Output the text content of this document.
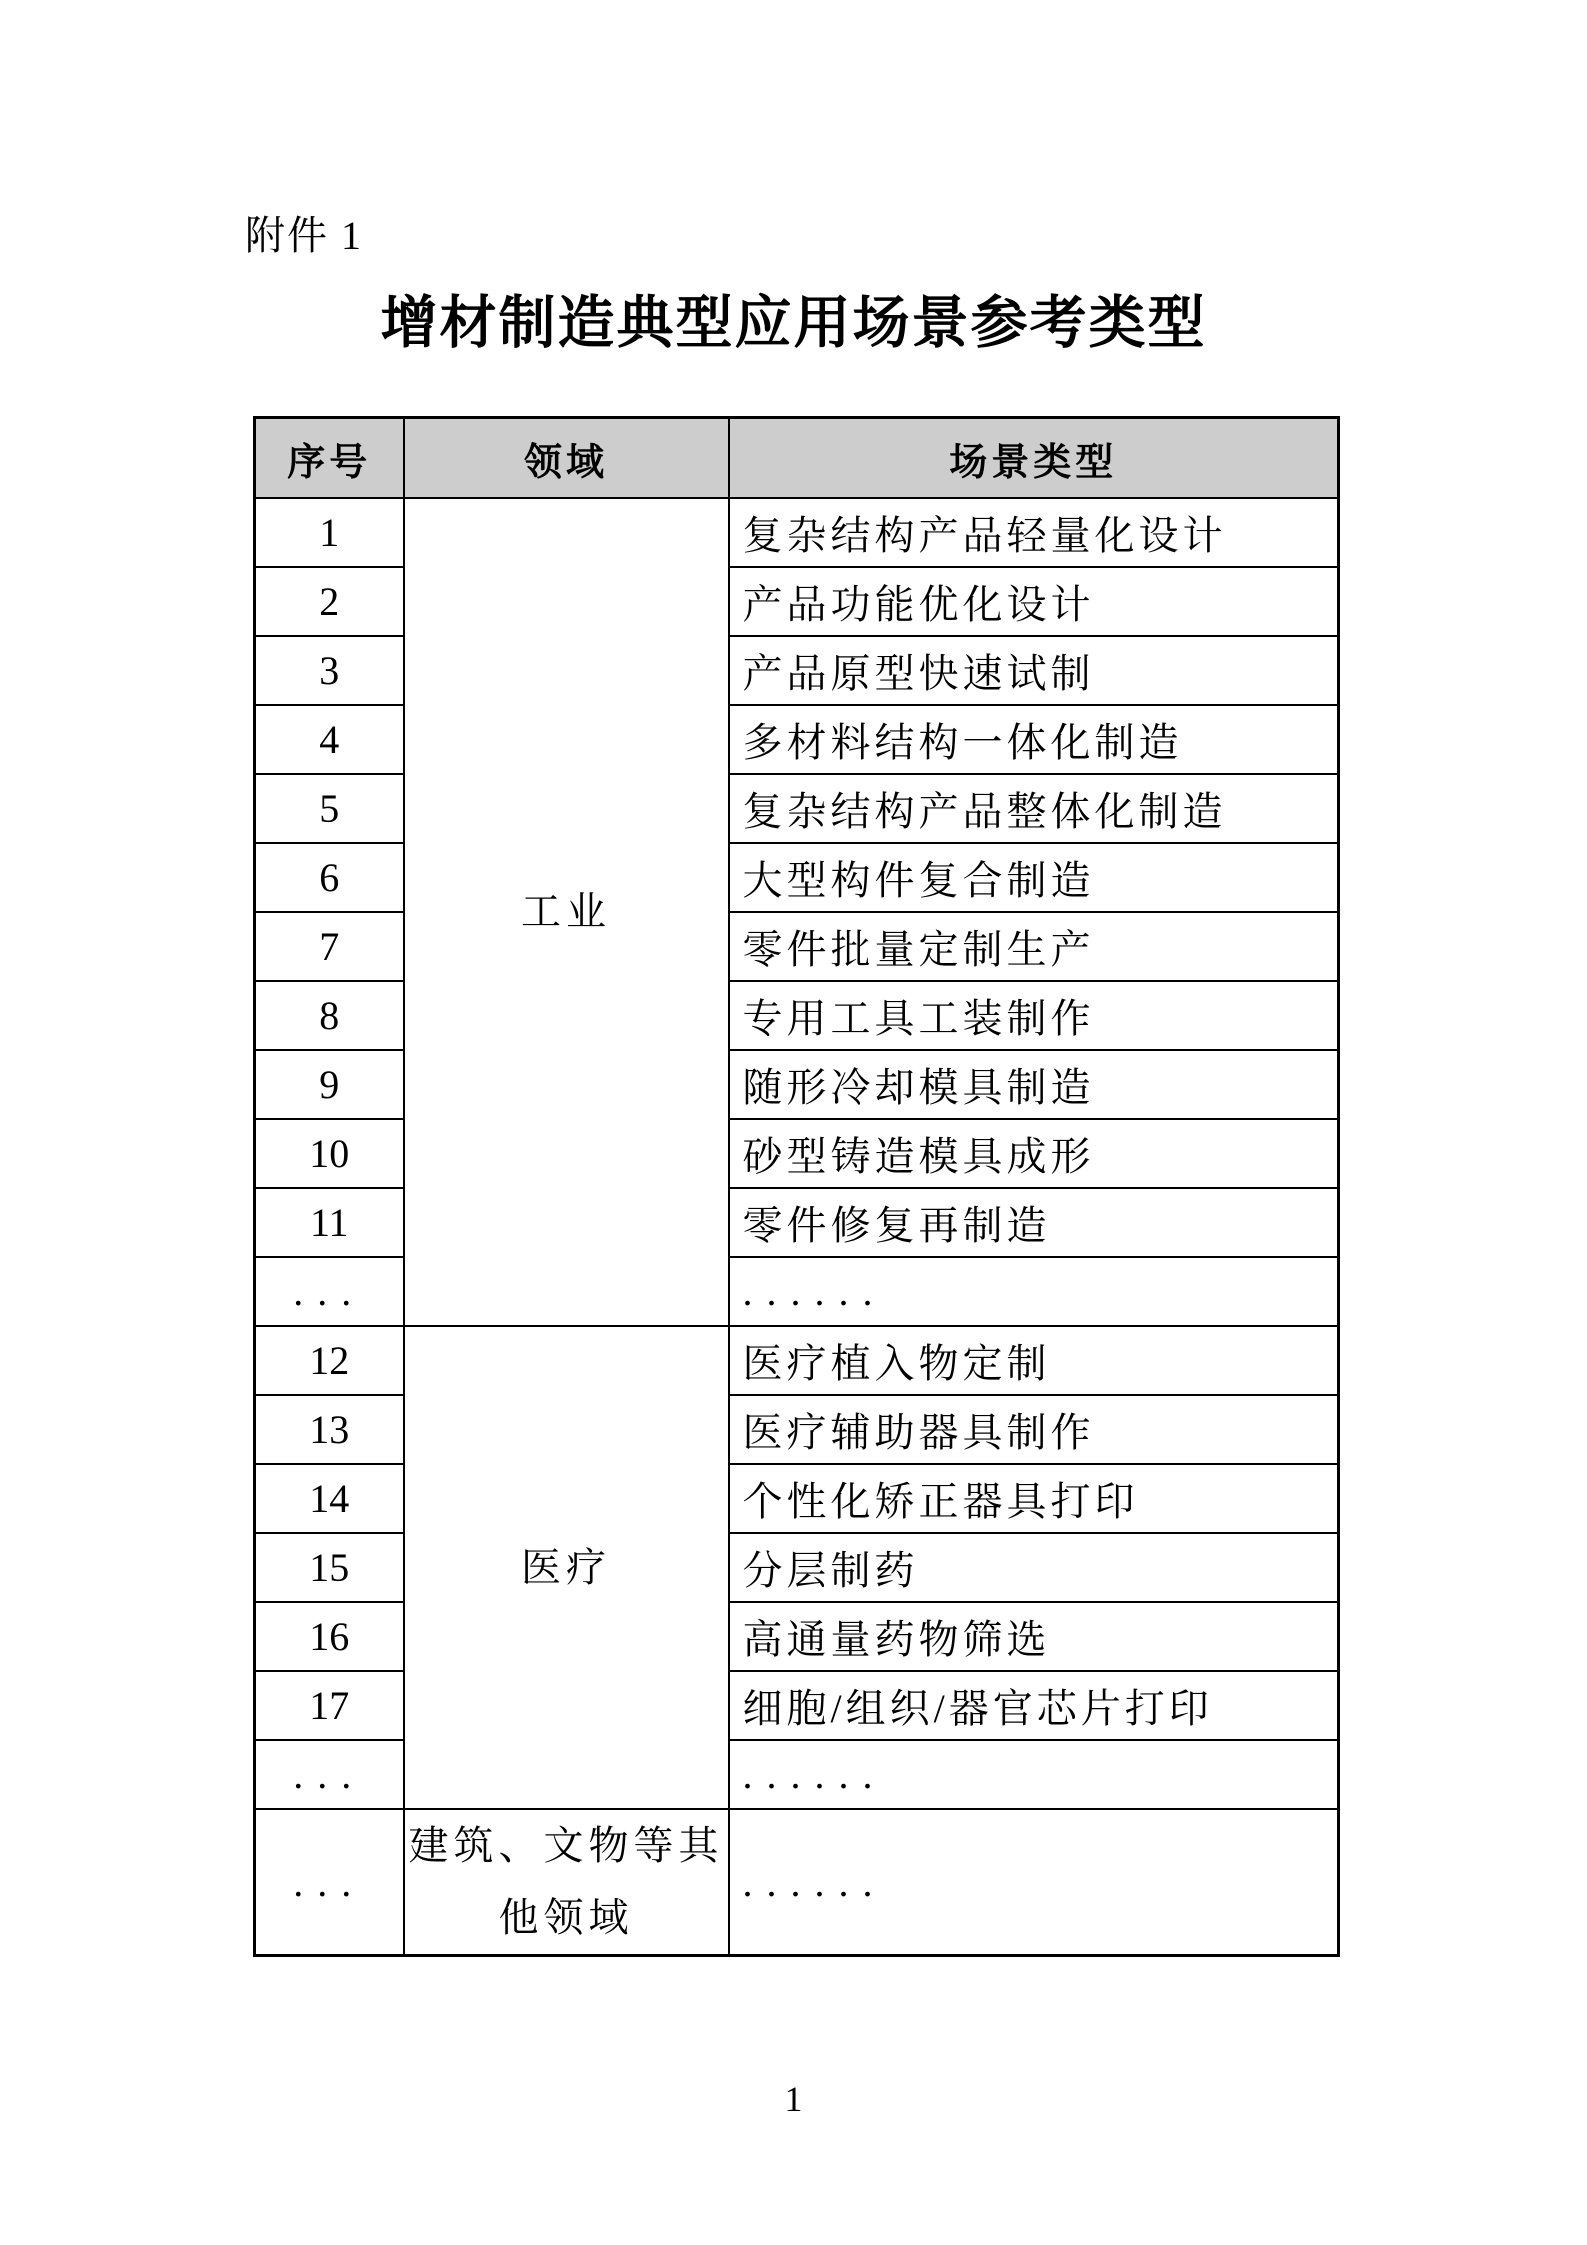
附件 1
增材制造典型应用场景参考类型
序号	领域	场景类型
1	工业	复杂结构产品轻量化设计
2		产品功能优化设计
3		产品原型快速试制
4		多材料结构一体化制造
5		复杂结构产品整体化制造
6		大型构件复合制造
7		零件批量定制生产
8		专用工具工装制作
9		随形冷却模具制造
10		砂型铸造模具成形
11		零件修复再制造
...		......
12	医疗	医疗植入物定制
13		医疗辅助器具制作
14		个性化矫正器具打印
15		分层制药
16		高通量药物筛选
17		细胞/组织/器官芯片打印
...		......
...	建筑、文物等其他领域	......
1
